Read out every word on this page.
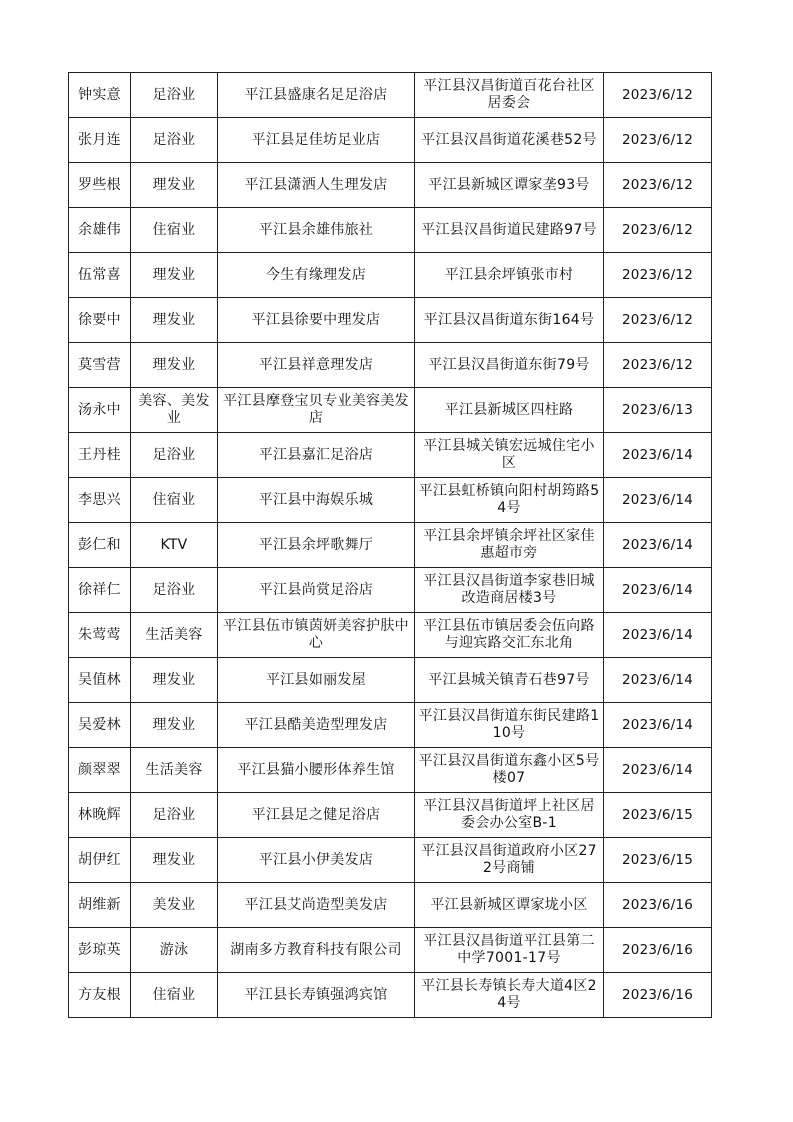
钟实意	足浴业	平江县盛康名足足浴店	平江县汉昌街道百花台社区居委会	2023/6/12
张月连	足浴业	平江县足佳坊足业店	平江县汉昌街道花溪巷52号	2023/6/12
罗些根	理发业	平江县潇洒人生理发店	平江县新城区谭家垄93号	2023/6/12
余雄伟	住宿业	平江县余雄伟旅社	平江县汉昌街道民建路97号	2023/6/12
伍常喜	理发业	今生有缘理发店	平江县余坪镇张市村	2023/6/12
徐要中	理发业	平江县徐要中理发店	平江县汉昌街道东街164号	2023/6/12
莫雪营	理发业	平江县祥意理发店	平江县汉昌街道东街79号	2023/6/12
汤永中	美容、美发业	平江县摩登宝贝专业美容美发店	平江县新城区四柱路	2023/6/13
王丹桂	足浴业	平江县嘉汇足浴店	平江县城关镇宏远城住宅小区	2023/6/14
李思兴	住宿业	平江县中海娱乐城	平江县虹桥镇向阳村胡筠路54号	2023/6/14
彭仁和	KTV	平江县余坪歌舞厅	平江县余坪镇余坪社区家佳惠超市旁	2023/6/14
徐祥仁	足浴业	平江县尚赏足浴店	平江县汉昌街道李家巷旧城改造商居楼3号	2023/6/14
朱莺莺	生活美容	平江县伍市镇茵妍美容护肤中心	平江县伍市镇居委会伍向路与迎宾路交汇东北角	2023/6/14
吴值林	理发业	平江县如丽发屋	平江县城关镇青石巷97号	2023/6/14
吴爱林	理发业	平江县酷美造型理发店	平江县汉昌街道东街民建路110号	2023/6/14
颜翠翠	生活美容	平江县猫小腰形体养生馆	平江县汉昌街道东鑫小区5号楼07	2023/6/14
林晚辉	足浴业	平江县足之健足浴店	平江县汉昌街道坪上社区居委会办公室B-1	2023/6/15
胡伊红	理发业	平江县小伊美发店	平江县汉昌街道政府小区272号商铺	2023/6/15
胡维新	美发业	平江县艾尚造型美发店	平江县新城区谭家垅小区	2023/6/16
彭琼英	游泳	湖南多方教育科技有限公司	平江县汉昌街道平江县第二中学7001-17号	2023/6/16
方友根	住宿业	平江县长寿镇强鸿宾馆	平江县长寿镇长寿大道4区24号	2023/6/16
